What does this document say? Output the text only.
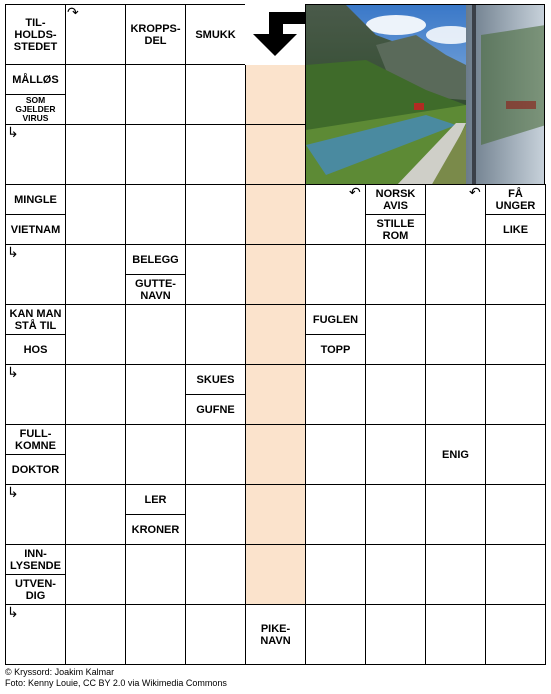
TIL-
HOLDS-
STEDET
KROPPS-
DEL	SMUKK
MÅLLØS
SOM
GJELDER
VIRUS
MINGLE
VIETNAM
NORSK
AVIS
STILLE
ROM
FÅ
UNGER
LIKE
BELEGG
GUTTE-
NAVN
KAN MAN
STÅ TIL
HOS
FUGLEN
TOPP
SKUES
GUFNE
FULL-
KOMNE
DOKTOR
ENIG
LER
KRONER
INN-
LYSENDE
UTVEN-
DIG
PIKE-
NAVN
↷
↳
↳
↳
↳
↳
↶	↶
© Kryssord: Joakim Kalmar
Foto: Kenny Louie, CC BY 2.0 via Wikimedia Commons
